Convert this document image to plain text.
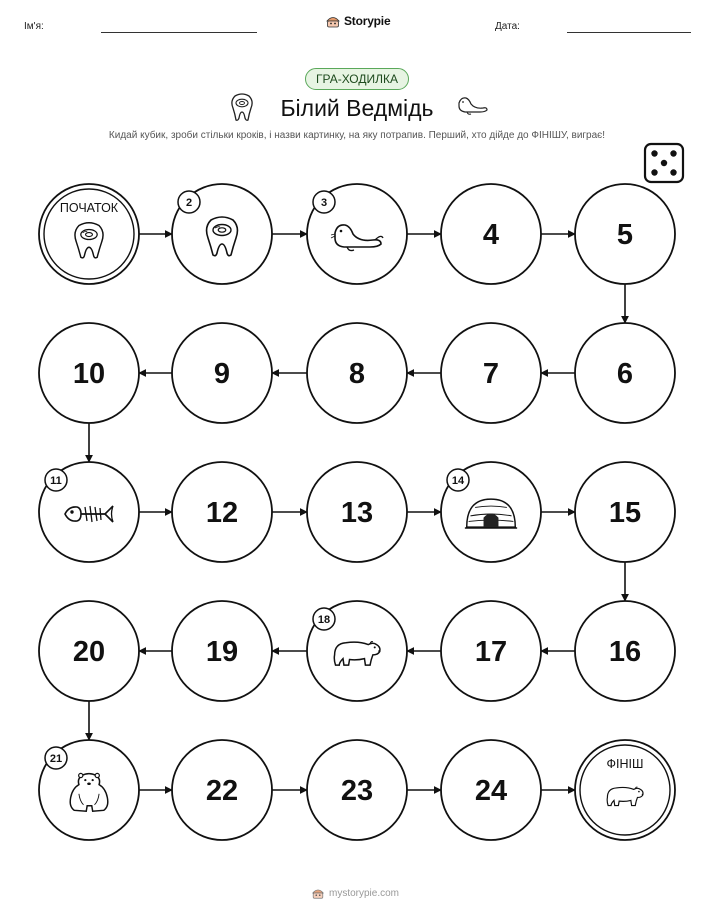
Ім'я:	Storypie	Дата:
ГРА-ХОДИЛКА
Білий Ведмідь
Кидай кубик, зроби стільки кроків, і назви картинку, на яку потрапив. Перший, хто дійде до ФІНІШУ, виграє!
ПОЧАТОК	2	3
4	5
6
7
8
9
10
11
12	13
14
15
16
17
18
19
20
21
22	23	24
ФІНІШ
mystorypie.com
